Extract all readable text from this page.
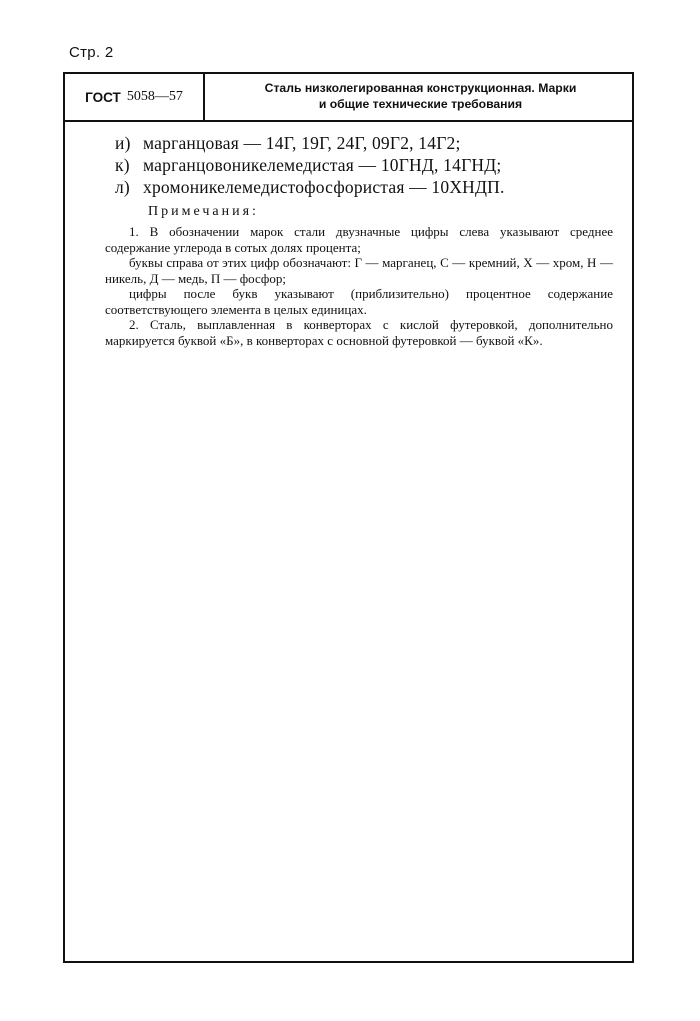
Стр. 2
ГОСТ 5058—57
Сталь низколегированная конструкционная. Марки
и общие технические требования
и) марганцовая — 14Г, 19Г, 24Г, 09Г2, 14Г2;
к) марганцовоникелемедистая — 10ГНД, 14ГНД;
л) хромоникелемедистофосфористая — 10ХНДП.
Примечания:

1. В обозначении марок стали двузначные цифры слева указывают среднее содержание углерода в сотых долях процента;

буквы справа от этих цифр обозначают: Г — марганец, С — кремний, Х — хром, Н — никель, Д — медь, П — фосфор;

цифры после букв указывают (приблизительно) процентное содержание соответствующего элемента в целых единицах.

2. Сталь, выплавленная в конверторах с кислой футеровкой, дополнительно маркируется буквой «Б», в конверторах с основной футеровкой — буквой «К».
